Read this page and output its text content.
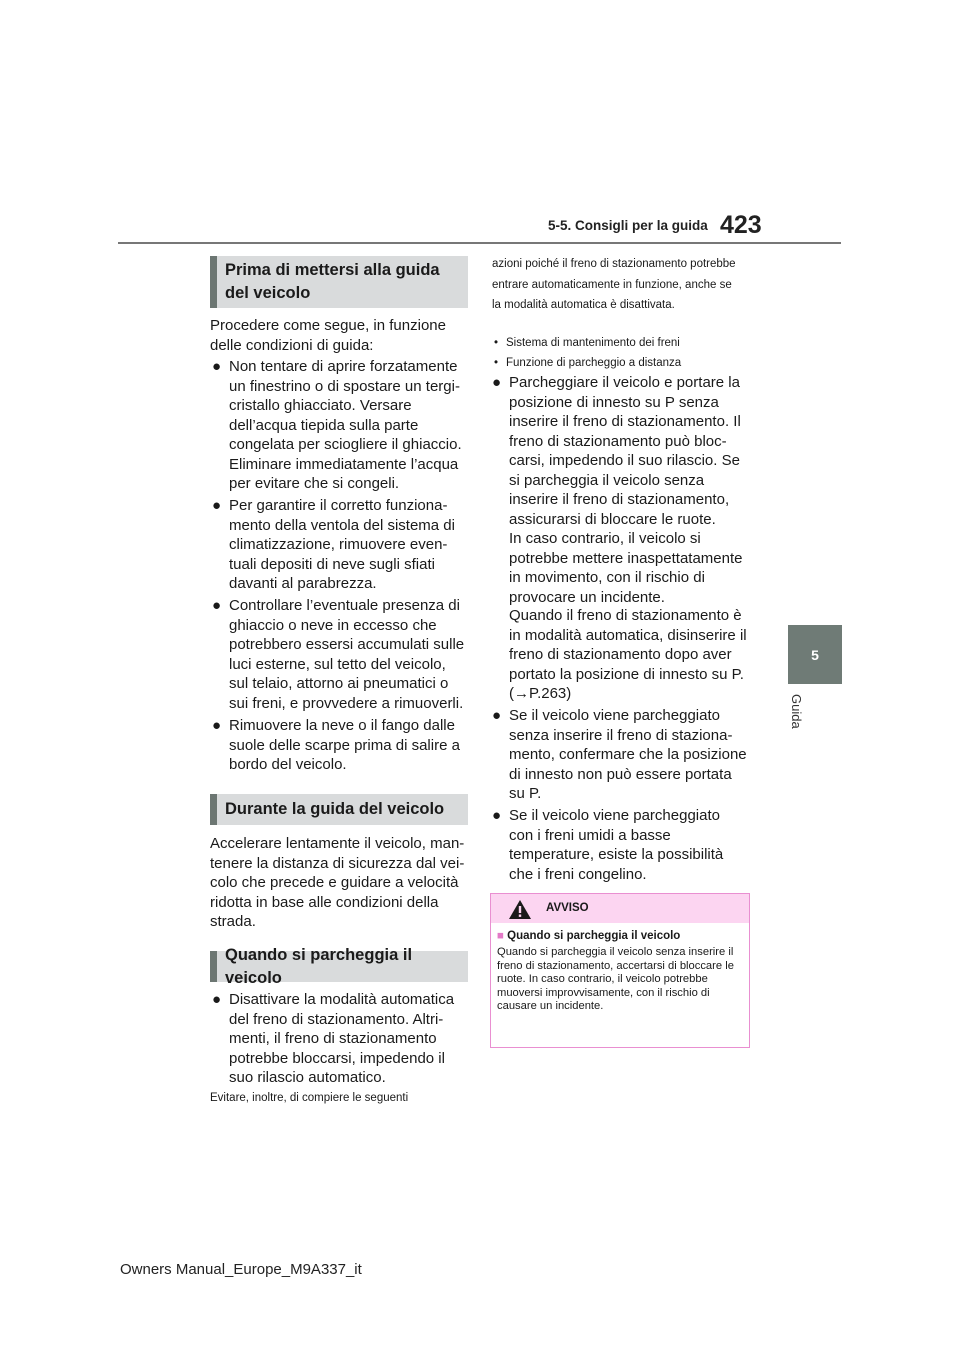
5-5. Consigli per la guida 423
5
Guida
Prima di mettersi alla guida del veicolo
Procedere come segue, in funzione delle condizioni di guida:
● Non tentare di aprire forzatamente un finestrino o di spostare un tergicristallo ghiacciato. Versare dell’acqua tiepida sulla parte congelata per sciogliere il ghiaccio. Eliminare immediatamente l’acqua per evitare che si congeli.
● Per garantire il corretto funzionamento della ventola del sistema di climatizzazione, rimuovere eventuali depositi di neve sugli sfiati davanti al parabrezza.
● Controllare l’eventuale presenza di ghiaccio o neve in eccesso che potrebbero essersi accumulati sulle luci esterne, sul tetto del veicolo, sul telaio, attorno ai pneumatici o sui freni, e provvedere a rimuoverli.
● Rimuovere la neve o il fango dalle suole delle scarpe prima di salire a bordo del veicolo.
Durante la guida del veicolo
Accelerare lentamente il veicolo, mantenere la distanza di sicurezza dal veicolo che precede e guidare a velocità ridotta in base alle condizioni della strada.
Quando si parcheggia il veicolo
● Disattivare la modalità automatica del freno di stazionamento. Altrimenti, il freno di stazionamento potrebbe bloccarsi, impedendo il suo rilascio automatico.
Evitare, inoltre, di compiere le seguenti
azioni poiché il freno di stazionamento potrebbe entrare automaticamente in funzione, anche se la modalità automatica è disattivata.
• Sistema di mantenimento dei freni
• Funzione di parcheggio a distanza
● Parcheggiare il veicolo e portare la posizione di innesto su P senza inserire il freno di stazionamento. Il freno di stazionamento può bloccarsi, impedendo il suo rilascio. Se si parcheggia il veicolo senza inserire il freno di stazionamento, assicurarsi di bloccare le ruote.
In caso contrario, il veicolo si potrebbe mettere inaspettatamente in movimento, con il rischio di provocare un incidente.
Quando il freno di stazionamento è in modalità automatica, disinserire il freno di stazionamento dopo aver portato la posizione di innesto su P. (→P.263)
● Se il veicolo viene parcheggiato senza inserire il freno di stazionamento, confermare che la posizione di innesto non può essere portata su P.
● Se il veicolo viene parcheggiato con i freni umidi a basse temperature, esiste la possibilità che i freni congelino.
AVVISO
■ Quando si parcheggia il veicolo
Quando si parcheggia il veicolo senza inserire il freno di stazionamento, accertarsi di bloccare le ruote. In caso contrario, il veicolo potrebbe muoversi improvvisamente, con il rischio di causare un incidente.
Owners Manual_Europe_M9A337_it
